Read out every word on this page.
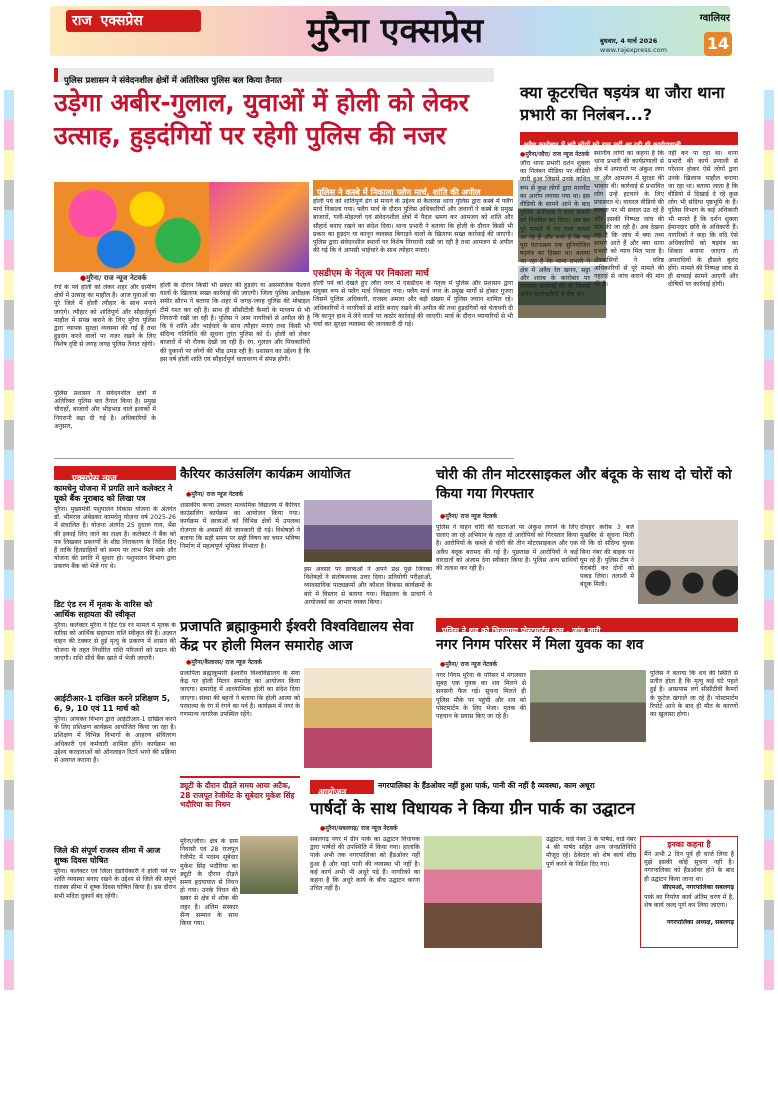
राज एक्सप्रेस	मुरैना एक्सप्रेस	ग्वालियर
बुधवार, 4 मार्च 2026
www.rajexpress.com	14
पुलिस प्रशासन ने संवेदनशील क्षेत्रों में अतिरिक्त पुलिस बल किया तैनात
उड़ेगा अबीर-गुलाल, युवाओं में होली को लेकर उत्साह, हुड़दंगियों पर रहेगी पुलिस की नजर
● मुरैना/ राज न्यूज नेटवर्क
रंगों के पर्व होली को लेकर शहर और ग्रामीण क्षेत्रों में उत्साह का माहौल है। आज युवाओं का पूरे जिले में होली त्यौहार के साथ मनाने जाएंगे। त्यौहार को शांतिपूर्ण और सौहार्दपूर्ण माहौल में संपन्न कराने के लिए मुरैना पुलिस द्वारा व्यापक सुरक्षा व्यवस्था की गई है तथा हुड़दंग करने वालों पर नजर रखने के लिए विशेष दृष्टि से जगह जगह पुलिस तैनात रहेगी।
पुलिस प्रशासन ने संवेदनशील क्षेत्रों में अतिरिक्त पुलिस बल तैनात किया है। प्रमुख चौराहों, बाजारों और भीड़भाड़ वाले इलाकों में निगरानी बढ़ा दी गई है। अधिकारियों के अनुसार,
होली के दौरान किसी भी प्रकार की हुड़दंग या असमाजिक फैलाने वालों के खिलाफ सख्त कार्रवाई की जाएगी। जिला पुलिस अधीक्षक समीर सौरभ ने बताया कि शहर में जगह-जगह पुलिस की मोबाइल टीमें गश्त कर रही हैं। साथ ही सीसीटीवी कैमरों के माध्यम से भी निगरानी रखी जा रही है। पुलिस ने आम नागरिकों से अपील की है कि वे शांति और भाईचारे के साथ त्यौहार मनाएं तथा किसी भी संदिग्ध गतिविधि की सूचना तुरंत पुलिस को दें। होली को लेकर बाजारों में भी रौनक देखी जा रही है। रंग, गुलाल और पिचकारियों की दुकानों पर लोगों की भीड़ उमड़ रही है। प्रशासन का उद्देश्य है कि इस वर्ष होली शांति एवं सौहार्दपूर्ण वातावरण में संपन्न होगी।
पुलिस ने कस्बे में निकाला फ्लैग मार्च, शांति की अपील
होली पर्व को शांतिपूर्ण ढंग से मनाने के उद्देश्य से कैलारस थाना पुलिस द्वारा कस्बे में फ्लैग मार्च निकाला गया। फ्लैग मार्च के दौरान पुलिस अधिकारियों और जवानों ने कस्बे के प्रमुख बाजारों, गली-मोहल्लों एवं संवेदनशील क्षेत्रों में पैदल भ्रमण कर आमजन को शांति और सौहार्द बनाए रखने का संदेश दिया। थाना प्रभारी ने बताया कि होली के दौरान किसी भी प्रकार का हुड़दंग या कानून व्यवस्था बिगाड़ने वालों के खिलाफ सख्त कार्रवाई की जाएगी। पुलिस द्वारा संवेदनशील स्थानों पर विशेष निगरानी रखी जा रही है तथा आमजन से अपील की गई कि वे आपसी भाईचारे के साथ त्योहार मनाएं।
एसडीएम के नेतृत्व पर निकाला मार्च
होली पर्व को देखते हुए जौरा नगर में एसडीएम के नेतृत्व में पुलिस और प्रशासन द्वारा संयुक्त रूप से फ्लैग मार्च निकाला गया। फ्लैग मार्च नगर के प्रमुख मार्गों से होकर गुजरा जिसमें पुलिस अधिकारी, राजस्व अमला और बड़ी संख्या में पुलिस जवान शामिल रहे। अधिकारियों ने नागरिकों से शांति बनाए रखने की अपील की तथा हुड़दंगियों को चेतावनी दी कि कानून हाथ में लेने वालों पर कठोर कार्रवाई की जाएगी। मार्च के दौरान व्यापारियों से भी चर्चा कर सुरक्षा व्यवस्था की जानकारी दी गई।
क्या कूटरचित षड़यंत्र था जौरा थाना प्रभारी का निलंबन...?
अवैध कारोबार में लगे लोगों को रास नहीं आ रही थी कार्यप्रणाली
● मुरैना/जौरा/ राज न्यूज नेटवर्क
जौरा थाना प्रभारी दर्शन शुक्ला का निलंबन मीडिया पर वीडियो जारी हुआ जिसमें उनके कथित रूप से कुछ लोगों द्वारा मारपीट का आरोप लगाया गया था। इस वीडियो के सामने आने के बाद पुलिस अधीक्षक ने थाना प्रभारी को निलंबित कर दिया। अब इस पूरे मामले में नए तथ्य सामने आ रहे हैं और चर्चा है कि यह पूरा घटनाक्रम एक सुनियोजित षड़यंत्र का हिस्सा था। बताया जा रहा है कि थाना प्रभारी ने क्षेत्र में अवैध रेत खनन, सट्टा और शराब के कारोबार पर लगातार कार्रवाई की थी जिससे अवैध कारोबारियों में रोष था।
स्थानीय लोगों का कहना है कि थाना प्रभारी की कार्यप्रणाली से क्षेत्र में अपराधों पर अंकुश लगा था और आमजन में सुरक्षा की भावना थी। कार्रवाई से प्रभावित लोग उन्हें हटवाने के लिए प्रयासरत थे। वायरल वीडियो की सत्यता पर भी सवाल उठ रहे हैं और इसकी निष्पक्ष जांच की मांग की जा रही है। अब देखना यह है कि जांच में क्या तथ्य सामने आते हैं और क्या थाना प्रभारी को न्याय मिल पाता है। क्षेत्रवासियों ने वरिष्ठ अधिकारियों से पूरे मामले की गहराई से जांच कराने की मांग की है।
नहीं कर पा रहा था। थाना प्रभारी की कार्य प्रणाली से परेशान होकर ऐसे लोगों द्वारा उनके खिलाफ माहौल बनाया जा रहा था। बताया जाता है कि वीडियो में दिखाई दे रहे कुछ लोग भी संदिग्ध पृष्ठभूमि के हैं। पुलिस विभाग के कई अधिकारी भी मानते हैं कि दर्शन शुक्ला ईमानदार छवि के अधिकारी हैं। नागरिकों ने कहा कि यदि ऐसे अधिकारियों को षड़यंत्र का शिकार बनाया जाएगा तो अपराधियों के हौसले बुलंद होंगे। मामले की निष्पक्ष जांच से ही सच्चाई सामने आएगी और दोषियों पर कार्रवाई होगी।
एक्सप्रेस न्यूज
कामधेनु योजना में प्रगति लाने कलेक्टर ने यूको बैंक नूराबाद को लिखा पत्र
मुरैना। मुख्यमंत्री पशुपालन विकास योजना के अंतर्गत डॉ. भीमराव अंबेडकर कामधेनु योजना वर्ष 2025-26 में संचालित है। योजना अंतर्गत 25 दुधारू गाय, भैंस की इकाई लिए जाने का लक्ष्य है। कलेक्टर ने बैंक को पत्र लिखकर प्रकरणों के शीघ्र निराकरण के निर्देश दिए हैं ताकि हितग्राहियों को समय पर लाभ मिल सके और योजना की प्रगति में सुधार हो। पशुपालन विभाग द्वारा प्रकरण बैंक को भेजे गए थे।
डिट एंड रन में मृतक के वारिस को आर्थिक सहायता की स्वीकृत
मुरैना। कलेक्टर मुरैना ने हिट एंड रन मामले में मृतक के वारिस को आर्थिक सहायता राशि स्वीकृत की है। अज्ञात वाहन की टक्कर से हुई मृत्यु के प्रकरण में शासन की योजना के तहत निर्धारित राशि परिजनों को प्रदान की जाएगी। राशि सीधे बैंक खाते में भेजी जाएगी।
आईटीआर-1 दाखिल करने प्रशिक्षण 5, 6, 9, 10 एवं 11 मार्च को
मुरैना। आयकर विभाग द्वारा आईटीआर-1 दाखिल करने के लिए प्रशिक्षण कार्यक्रम आयोजित किया जा रहा है। प्रशिक्षण में विभिन्न विभागों के आहरण संवितरण अधिकारी एवं कर्मचारी शामिल होंगे। कार्यक्रम का उद्देश्य करदाताओं को ऑनलाइन रिटर्न भरने की प्रक्रिया से अवगत कराना है।
जिले की संपूर्ण राजस्व सीमा में आज शुष्क दिवस घोषित
मुरैना। कलेक्टर एवं जिला दंडाधिकारी ने होली पर्व पर शांति व्यवस्था बनाए रखने के उद्देश्य से जिले की संपूर्ण राजस्व सीमा में शुष्क दिवस घोषित किया है। इस दौरान सभी मदिरा दुकानें बंद रहेंगी।
कैरियर काउंसलिंग कार्यक्रम आयोजित
● मुरैना/ राज न्यूज नेटवर्क
शासकीय कन्या उच्चतर माध्यमिक विद्यालय में कैरियर काउंसलिंग कार्यक्रम का आयोजन किया गया। कार्यक्रम में छात्राओं को विभिन्न क्षेत्रों में उपलब्ध रोजगार के अवसरों की जानकारी दी गई। विशेषज्ञों ने बताया कि सही समय पर सही विषय का चयन भविष्य निर्माण में महत्वपूर्ण भूमिका निभाता है।
इस अवसर पर छात्राओं ने अपने प्रश्न पूछे जिनका विशेषज्ञों ने संतोषजनक उत्तर दिया। प्रतियोगी परीक्षाओं, व्यावसायिक पाठ्यक्रमों और कौशल विकास कार्यक्रमों के बारे में विस्तार से बताया गया। विद्यालय के प्राचार्य ने आयोजकों का आभार व्यक्त किया।
चोरी की तीन मोटरसाइकल और बंदूक के साथ दो चोरों को किया गया गिरफ्तार
● मुरैना/ राज न्यूज नेटवर्क
पुलिस ने वाहन चोरी की घटनाओं पर अंकुश लगाने के लिए चलाए जा रहे अभियान के तहत दो आरोपियों को गिरफ्तार किया है। आरोपियों के कब्जे से चोरी की तीन मोटरसाइकल और एक अवैध बंदूक बरामद की गई है। पूछताछ में आरोपियों ने कई वारदातों को अंजाम देना स्वीकार किया है। पुलिस अन्य साथियों की तलाश कर रही है।
दोपहर करीब 3 बजे मुखबिर से सूचना मिली थी कि दो संदिग्ध युवक बिना नंबर की बाइक पर घूम रहे हैं। पुलिस टीम ने घेराबंदी कर दोनों को पकड़ लिया। तलाशी में बंदूक मिली।
प्रजापति ब्रह्माकुमारी ईश्वरी विश्वविद्यालय सेवा केंद्र पर होली मिलन समारोह आज
● मुरैना/कैलारस/ राज न्यूज नेटवर्क
प्रजापिता ब्रह्माकुमारी ईश्वरीय विश्वविद्यालय के सेवा केंद्र पर होली मिलन समारोह का आयोजन किया जाएगा। समारोह में आध्यात्मिक होली का संदेश दिया जाएगा। संस्था की बहनों ने बताया कि होली आत्मा को परमात्मा के रंग में रंगने का पर्व है। कार्यक्रम में नगर के गणमान्य नागरिक उपस्थित रहेंगे।
ड्यूटी के दौरान दौड़ते समय आया अटैक, 28 राजपूत रेजीमेंट के सूबेदार मुकेश सिंह भदौरिया का निधन
मुरैना/जौरा। क्षेत्र के ग्राम निवासी एवं 28 राजपूत रेजीमेंट में पदस्थ सूबेदार मुकेश सिंह भदौरिया का ड्यूटी के दौरान दौड़ते समय हृदयाघात से निधन हो गया। उनके निधन की खबर से क्षेत्र में शोक की लहर है। अंतिम संस्कार सैन्य सम्मान के साथ किया गया।
पुलिस ने शव को भिजवाया पोस्टमार्टम कक्ष , जांच जारी
नगर निगम परिसर में मिला युवक का शव
● मुरैना/ राज न्यूज नेटवर्क
नगर निगम मुरैना के परिसर में मंगलवार सुबह एक युवक का शव मिलने से सनसनी फैल गई। सूचना मिलते ही पुलिस मौके पर पहुंची और शव को पोस्टमार्टम के लिए भेजा। मृतक की पहचान के प्रयास किए जा रहे हैं।
पुलिस ने बताया कि शव की स्थिति से प्रतीत होता है कि मृत्यु कई घंटे पहले हुई है। आसपास लगे सीसीटीवी कैमरों के फुटेज खंगाले जा रहे हैं। पोस्टमार्टम रिपोर्ट आने के बाद ही मौत के कारणों का खुलासा होगा।
आयोजन
नगरपालिका के हैंडओवर नहीं हुआ पार्क, पानी की नहीं है व्यवस्था, काम अधूरा
पार्षदों के साथ विधायक ने किया ग्रीन पार्क का उद्घाटन
● मुरैना/सबलगढ़/ राज न्यूज नेटवर्क
सबलगढ़ नगर में ग्रीन पार्क का उद्घाटन विधायक द्वारा पार्षदों की उपस्थिति में किया गया। हालांकि पार्क अभी तक नगरपालिका को हैंडओवर नहीं हुआ है और यहां पानी की व्यवस्था भी नहीं है। कई कार्य अभी भी अधूरे पड़े हैं। नागरिकों का कहना है कि अधूरे कार्य के बीच उद्घाटन करना उचित नहीं है।
उद्घाटन, वार्ड नंबर 3 के पार्षद, वार्ड नंबर 4 की पार्षद सहित अन्य जनप्रतिनिधि मौजूद रहे। ठेकेदार को शेष कार्य शीघ्र पूर्ण करने के निर्देश दिए गए।
इनका कहना है
मैंने अभी 2 दिन पूर्व ही चार्ज लिया है मुझे इसकी कोई सूचना नहीं है। नगरपालिका को हैंडओवर होने के बाद ही उद्घाटन किया जाना था।
सीएमओ, नगरपालिका सबलगढ़
पार्क का निर्माण कार्य अंतिम चरण में है, शेष कार्य जल्द पूर्ण कर लिया जाएगा।
नगरपालिका अध्यक्ष, सबलगढ़
